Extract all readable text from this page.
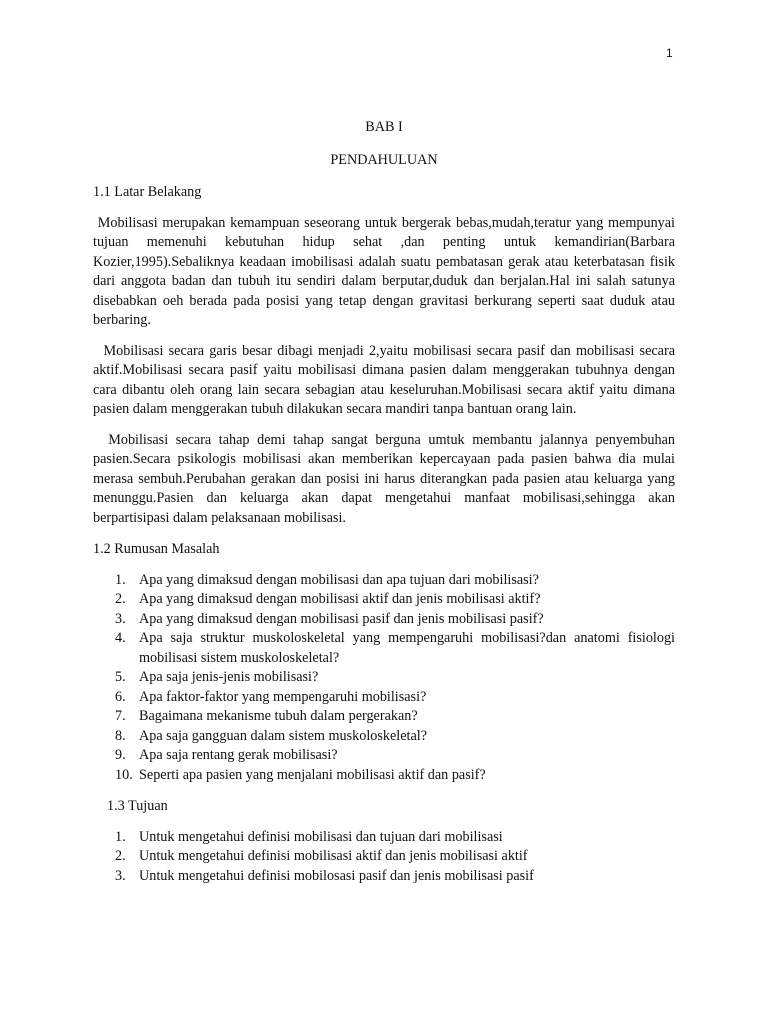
1

BAB I

PENDAHULUAN

1.1 Latar Belakang

Mobilisasi merupakan kemampuan seseorang untuk bergerak bebas,mudah,teratur yang mempunyai tujuan memenuhi kebutuhan hidup sehat ,dan penting untuk kemandirian(Barbara Kozier,1995).Sebaliknya keadaan imobilisasi adalah suatu pembatasan gerak atau keterbatasan fisik dari anggota badan dan tubuh itu sendiri dalam berputar,duduk dan berjalan.Hal ini salah satunya disebabkan oeh berada pada posisi yang tetap dengan gravitasi berkurang seperti saat duduk atau berbaring.

Mobilisasi secara garis besar dibagi menjadi 2,yaitu mobilisasi secara pasif dan mobilisasi secara aktif.Mobilisasi secara pasif yaitu mobilisasi dimana pasien dalam menggerakan tubuhnya dengan cara dibantu oleh orang lain secara sebagian atau keseluruhan.Mobilisasi secara aktif yaitu dimana pasien dalam menggerakan tubuh dilakukan secara mandiri tanpa bantuan orang lain.

Mobilisasi secara tahap demi tahap sangat berguna umtuk membantu jalannya penyembuhan pasien.Secara psikologis mobilisasi akan memberikan kepercayaan pada pasien bahwa dia mulai merasa sembuh.Perubahan gerakan dan posisi ini harus diterangkan pada pasien atau keluarga yang menunggu.Pasien dan keluarga akan dapat mengetahui manfaat mobilisasi,sehingga akan berpartisipasi dalam pelaksanaan mobilisasi.

1.2 Rumusan Masalah

1. Apa yang dimaksud dengan mobilisasi dan apa tujuan dari mobilisasi?
2. Apa yang dimaksud dengan mobilisasi aktif dan jenis mobilisasi aktif?
3. Apa yang dimaksud dengan mobilisasi pasif dan jenis mobilisasi pasif?
4. Apa saja struktur muskoloskeletal yang mempengaruhi mobilisasi?dan anatomi fisiologi mobilisasi sistem muskoloskeletal?
5. Apa saja jenis-jenis mobilisasi?
6. Apa faktor-faktor yang mempengaruhi mobilisasi?
7. Bagaimana mekanisme tubuh dalam pergerakan?
8. Apa saja gangguan dalam sistem muskoloskeletal?
9. Apa saja rentang gerak mobilisasi?
10. Seperti apa pasien yang menjalani mobilisasi aktif dan pasif?

1.3 Tujuan

1. Untuk mengetahui definisi mobilisasi dan tujuan dari mobilisasi
2. Untuk mengetahui definisi mobilisasi aktif dan jenis mobilisasi aktif
3. Untuk mengetahui definisi mobilosasi pasif dan jenis mobilisasi pasif
